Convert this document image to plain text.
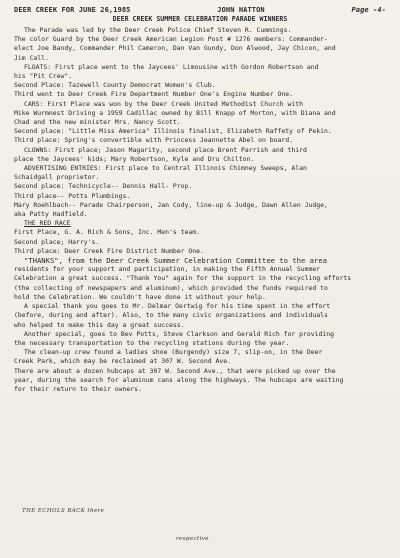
DEER CREEK FOR JUNE 26,1985	JOHN HATTON	Page -4-
DEER CREEK SUMMER CELEBRATION PARADE WINNERS
The Parade was led by the Deer Creek Police Chief Steven R. Cummings.
The color Guard by the Deer Creek American Legion Post # 1276 members: Commander-
elect Joe Bandy, Commander Phil Cameron, Dan Van Gundy, Don Alwood, Jay Chicon, and
Jim Call.
FLOATS: First place went to the Jaycees' Limousine with Gordon Robertson and
his "Pit Crew".
Second Place: Tazewell County Democrat Women's Club.
Third went to Deer Creek Fire Department Number One's Engine Number One.
CARS: First Place was won by the Deer Creek United Methodist Church with
Mike Wurmnest Driving a 1959 Cadillac owned by Bill Knapp of Morton, with Diana and
Chad and the new minister Mrs. Nancy Scott.
Second place: "Little Miss America" Illinois finalist, Elizabeth Raffety of Pekin.
Third place: Spring's convertible with Princess Jeannette Abel on board.
CLOWNS: First place; Jason Magarity, second place Brent Parrish and third
place the Jaycees' kids; Mary Robertson, Kyle and Dru Chilton.
ADVERTISING ENTRIES: First place to Central Illinois Chimney Sweeps, Alan
Schaidgall proprietor.
Second place: Technicycle-- Dennis Hall- Prop.
Third place-- Potts Plumbings.
Mary Roehlbach-- Parade Chairperson, Jan Cody, line-up & Judge, Dawn Allen Judge,
aka Patty Hadfield.
THE RED RACE
First Place, G. A. Rich & Sons, Inc. Men's team.
Second place; Harry's.
Third place: Deer Creek Fire District Number One.
"THANKS", from the Deer Creek Summer Celebration Committee to the area
residents for your support and participation, in making the Fifth Annual Summer
Celebration a great success. "Thank You" again for the support in the recycling efforts
(the collecting of newspapers and aluminum), which provided the funds required to
hold the Celebration. We couldn't have done it without your help.
A special thank you goes to Mr. Delmar Oertwig for his time spent in the effort
(before, during and after). Also, to the many civic organizations and individuals
who helped to make this day a great success.
Another special, goes to Bev Potts, Steve Clarkson and Gerald Rich for providing
the necessary transportation to the recycling stations during the year.
The clean-up crew found a ladies shoe (Burgendy) size 7, slip-on, in the Deer
Creek Park, which may be reclaimed at 307 W. Second Ave.
There are about a dozen hubcaps at 307 W. Second Ave., that were picked up over the
year, during the search for aluminum cans along the highways. The hubcaps are waiting
for their return to their owners.
THE ECHOLS BACK there
respective
